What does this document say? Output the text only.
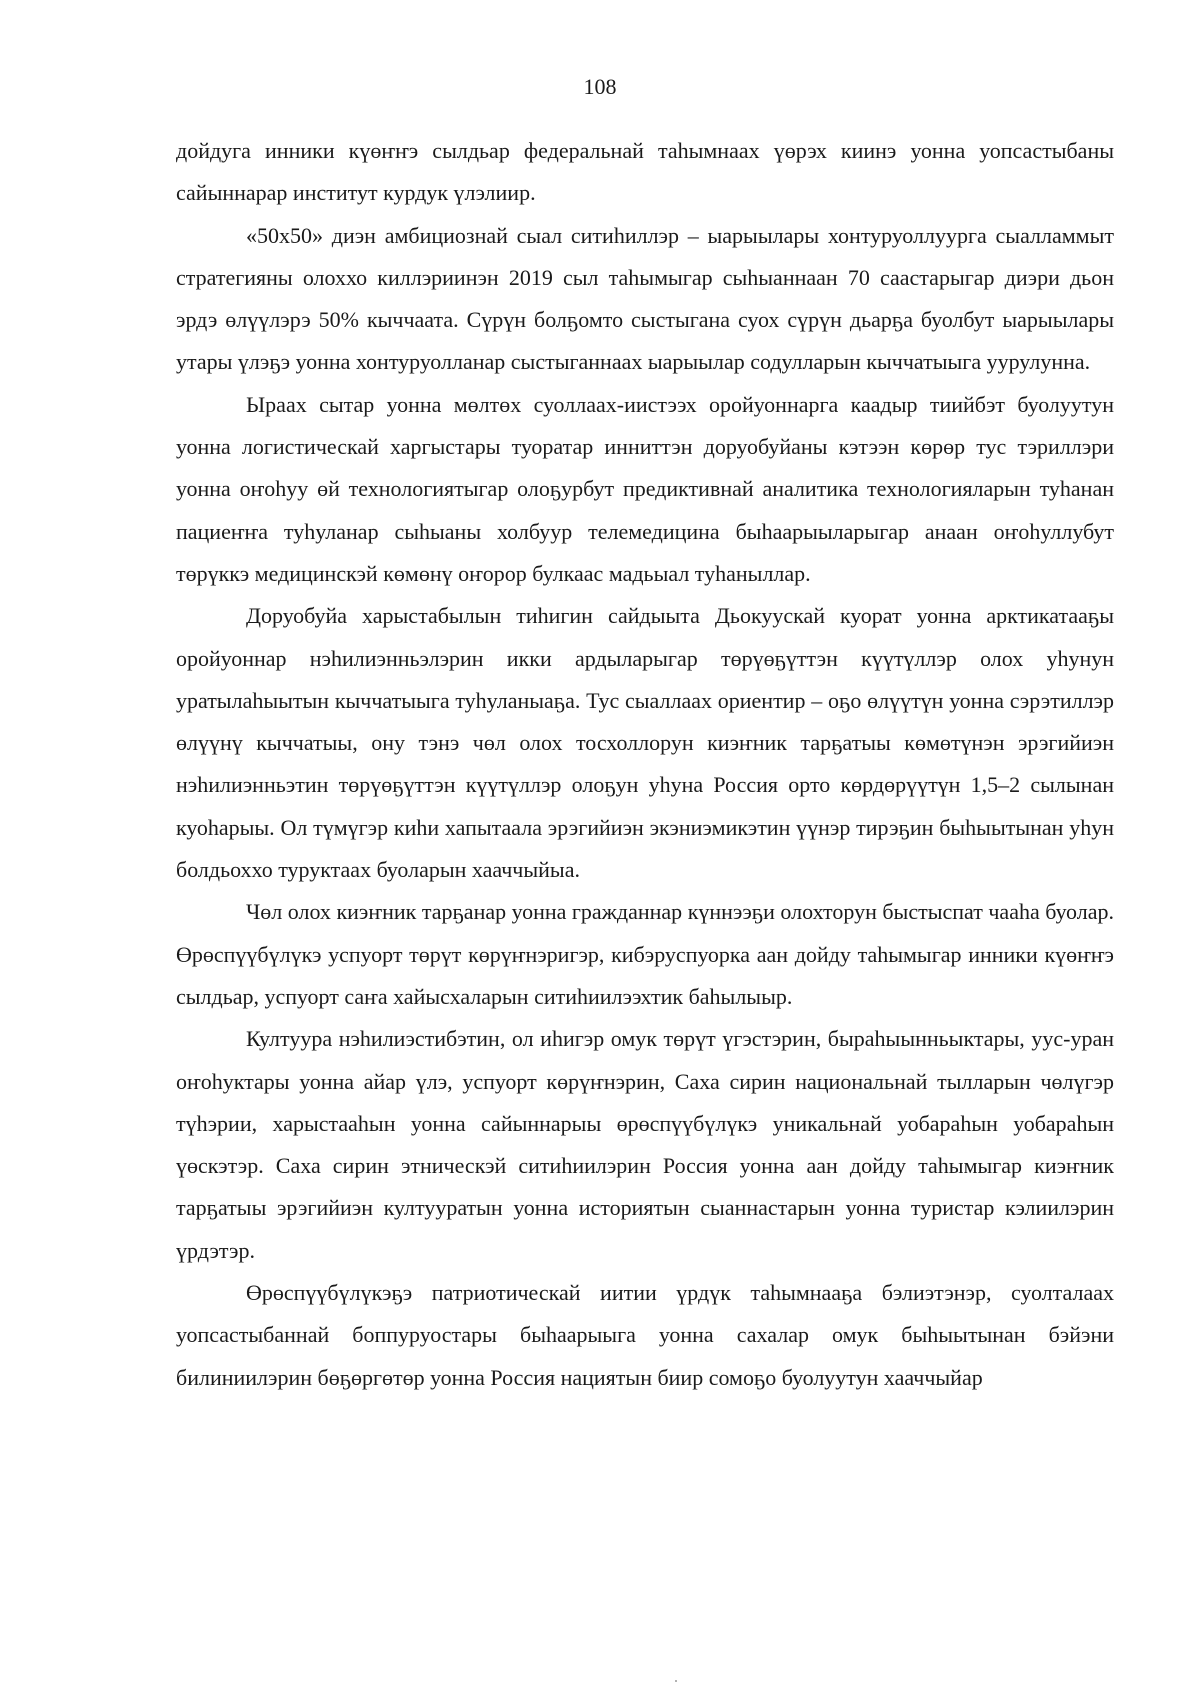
108

дойдуга инники күөҥҥэ сылдьар федеральнай таһымнаах үөрэх киинэ уонна уопсастыбаны сайыннарар институт курдук үлэлиир.

«50х50» диэн амбициознай сыал ситиһиллэр – ыарыылары хонтуруоллуурга сыалламмыт стратегияны олоххо киллэриинэн 2019 сыл таһымыгар сыһыаннаан 70 саастарыгар диэри дьон эрдэ өлүүлэрэ 50% кыччаата. Сүрүн болҕомто сыстыгана суох сүрүн дьарҕа буолбут ыарыылары утары үлэҕэ уонна хонтуруолланар сыстыганнаах ыарыылар содулларын кыччатыыга уурулунна.

Ыраах сытар уонна мөлтөх суоллаах-иистээх оройуоннарга каадыр тиийбэт буолуутун уонна логистическай харгыстары туоратар инниттэн доруобуйаны кэтээн көрөр тус тэриллэри уонна оҥоһуу өй технологиятыгар олоҕурбут предиктивнай аналитика технологияларын туһанан пациеҥҥа туһуланар сыһыаны холбуур телемедицина быһаарыыларыгар анаан оҥоһуллубут төрүккэ медицинскэй көмөнү оҥорор булкаас мадьыал туһаныллар.

Доруобуйа харыстабылын тиһигин сайдыыта Дьокуускай куорат уонна арктикатааҕы оройуоннар нэһилиэнньэлэрин икки ардыларыгар төрүөҕүттэн күүтүллэр олох уһунун уратылаһыытын кыччатыыга туһуланыаҕа. Тус сыаллаах ориентир – оҕо өлүүтүн уонна сэрэтиллэр өлүүнү кыччатыы, ону тэнэ чөл олох тосхоллорун киэҥник тарҕатыы көмөтүнэн эрэгийиэн нэһилиэнньэтин төрүөҕүттэн күүтүллэр олоҕун уһуна Россия орто көрдөрүүтүн 1,5–2 сылынан куоһарыы. Ол түмүгэр киһи хапытаала эрэгийиэн экэниэмикэтин үүнэр тирэҕин быһыытынан уһун болдьоххо туруктаах буоларын хааччыйыа.

Чөл олох киэҥник тарҕанар уонна гражданнар күннээҕи олохторун быстыспат чааһа буолар. Өрөспүүбүлүкэ успуорт төрүт көрүҥнэригэр, кибэруспуорка аан дойду таһымыгар инники күөҥҥэ сылдьар, успуорт саҥа хайысхаларын ситиһиилээхтик баһылыыр.

Култуура нэһилиэстибэтин, ол иһигэр омук төрүт үгэстэрин, быраһыынньыктары, уус-уран оҥоһуктары уонна айар үлэ, успуорт көрүҥнэрин, Саха сирин национальнай тылларын чөлүгэр түһэрии, харыстааһын уонна сайыннарыы өрөспүүбүлүкэ уникальнай уобараһын уобараһын үөскэтэр. Саха сирин этническэй ситиһиилэрин Россия уонна аан дойду таһымыгар киэҥник тарҕатыы эрэгийиэн култууратын уонна историятын сыаннастарын уонна туристар кэлиилэрин үрдэтэр.

Өрөспүүбүлүкэҕэ патриотическай иитии үрдүк таһымнааҕа бэлиэтэнэр, суолталаах уопсастыбаннай боппуруостары быһаарыыга уонна сахалар омук быһыытынан бэйэни билиниилэрин бөҕөргөтөр уонна Россия нациятын биир сомоҕо буолуутун хааччыйар
